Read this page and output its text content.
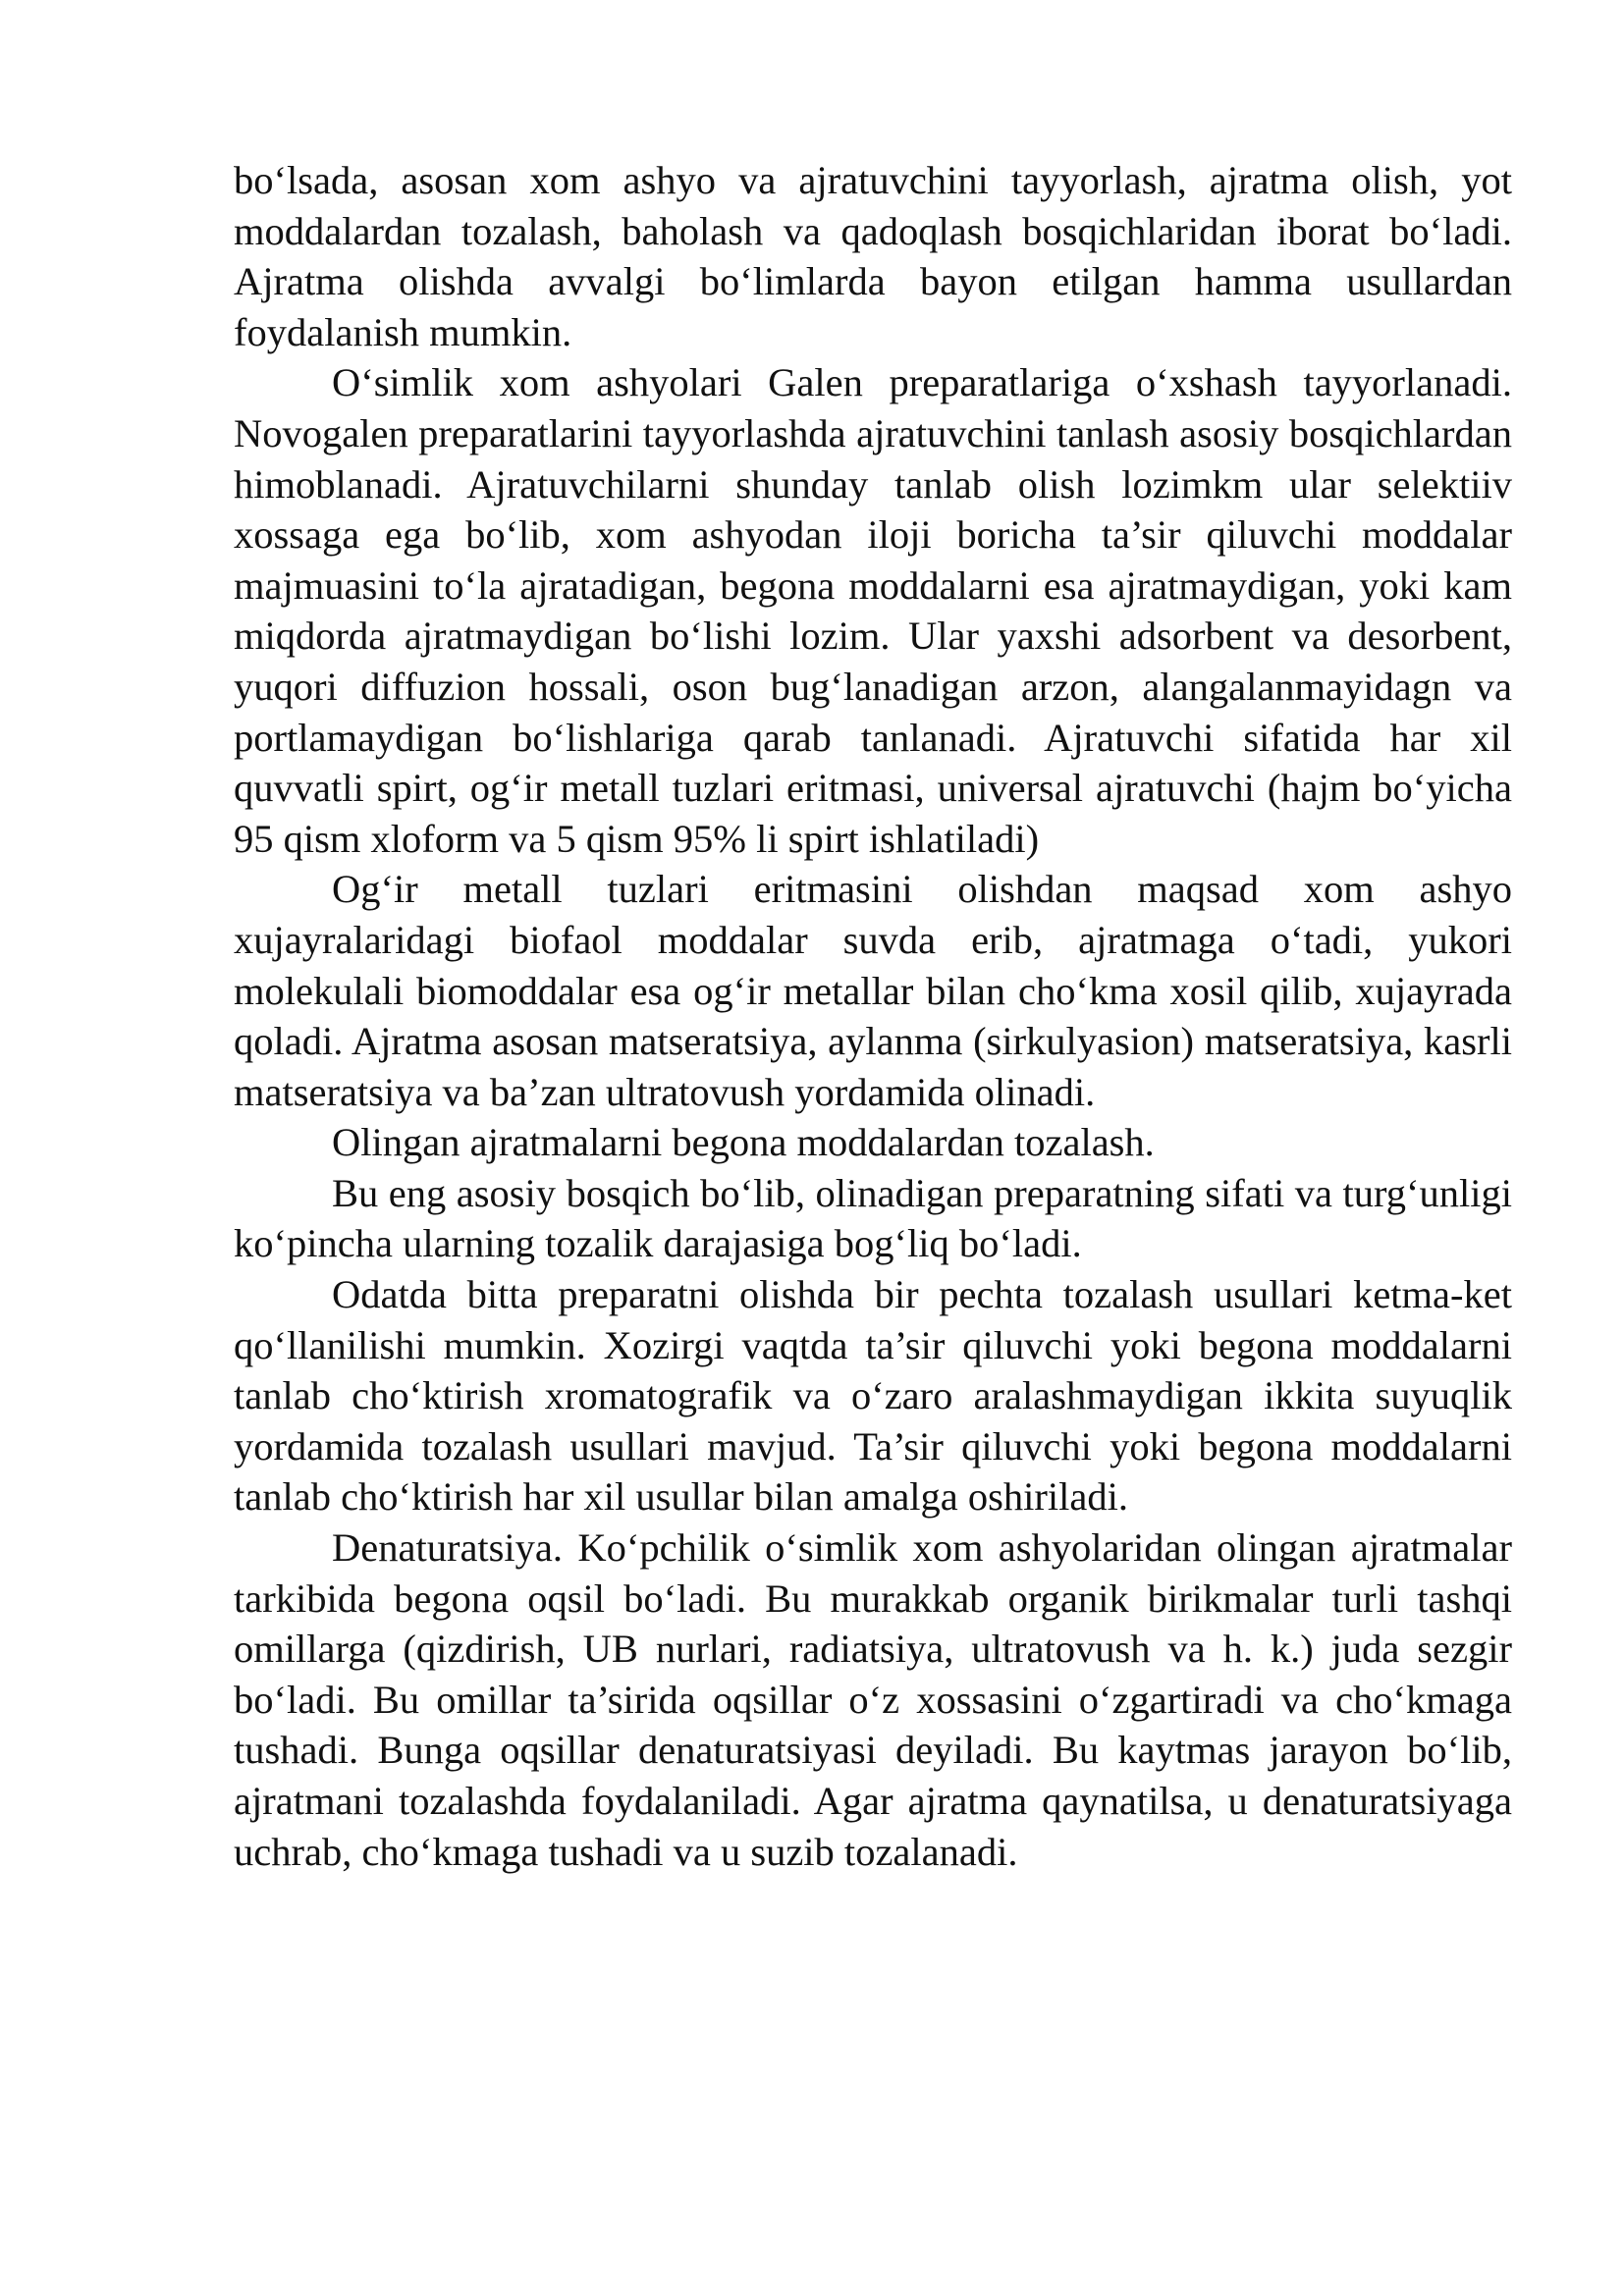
bo‘lsada, asosan xom ashyo va ajratuvchini tayyorlash, ajratma olish, yot moddalardan tozalash, baholash va qadoqlash bosqichlaridan iborat bo‘ladi. Ajratma olishda avvalgi bo‘limlarda bayon etilgan hamma usullardan foydalanish mumkin.

O‘simlik xom ashyolari Galen preparatlariga o‘xshash tayyorlanadi. Novogalen preparatlarini tayyorlashda ajratuvchini tanlash asosiy bosqichlardan himoblanadi. Ajratuvchilarni shunday tanlab olish lozimkm ular selektiiv xossaga ega bo‘lib, xom ashyodan iloji boricha ta’sir qiluvchi moddalar majmuasini to‘la ajratadigan, begona moddalarni esa ajratmaydigan, yoki kam miqdorda ajratmaydigan bo‘lishi lozim. Ular yaxshi adsorbent va desorbent, yuqori diffuzion hossali, oson bug‘lanadigan arzon, alangalanmayidagn va portlamaydigan bo‘lishlariga qarab tanlanadi. Ajratuvchi sifatida har xil quvvatli spirt, og‘ir metall tuzlari eritmasi, universal ajratuvchi (hajm bo‘yicha 95 qism xloform va 5 qism 95% li spirt ishlatiladi)

Og‘ir metall tuzlari eritmasini olishdan maqsad xom ashyo xujayralaridagi biofaol moddalar suvda erib, ajratmaga o‘tadi, yukori molekulali biomoddalar esa og‘ir metallar bilan cho‘kma xosil qilib, xujayrada qoladi. Ajratma asosan matseratsiya, aylanma (sirkulyasion) matseratsiya, kasrli matseratsiya va ba’zan ultratovush yordamida olinadi.

Olingan ajratmalarni begona moddalardan tozalash.

Bu eng asosiy bosqich bo‘lib, olinadigan preparatning sifati va turg‘unligi ko‘pincha ularning tozalik darajasiga bog‘liq bo‘ladi.

Odatda bitta preparatni olishda bir pechta tozalash usullari ketma-ket qo‘llanilishi mumkin. Xozirgi vaqtda ta’sir qiluvchi yoki begona moddalarni tanlab cho‘ktirish xromatografik va o‘zaro aralashmaydigan ikkita suyuqlik yordamida tozalash usullari mavjud. Ta’sir qiluvchi yoki begona moddalarni tanlab cho‘ktirish har xil usullar bilan amalga oshiriladi.

Denaturatsiya. Ko‘pchilik o‘simlik xom ashyolaridan olingan ajratmalar tarkibida begona oqsil bo‘ladi. Bu murakkab organik birikmalar turli tashqi omillarga (qizdirish, UB nurlari, radiatsiya, ultratovush va h. k.) juda sezgir bo‘ladi. Bu omillar ta’sirida oqsillar o‘z xossasini o‘zgartiradi va cho‘kmaga tushadi. Bunga oqsillar denaturatsiyasi deyiladi. Bu kaytmas jarayon bo‘lib, ajratmani tozalashda foydalaniladi. Agar ajratma qaynatilsa, u denaturatsiyaga uchrab, cho‘kmaga tushadi va u suzib tozalanadi.
